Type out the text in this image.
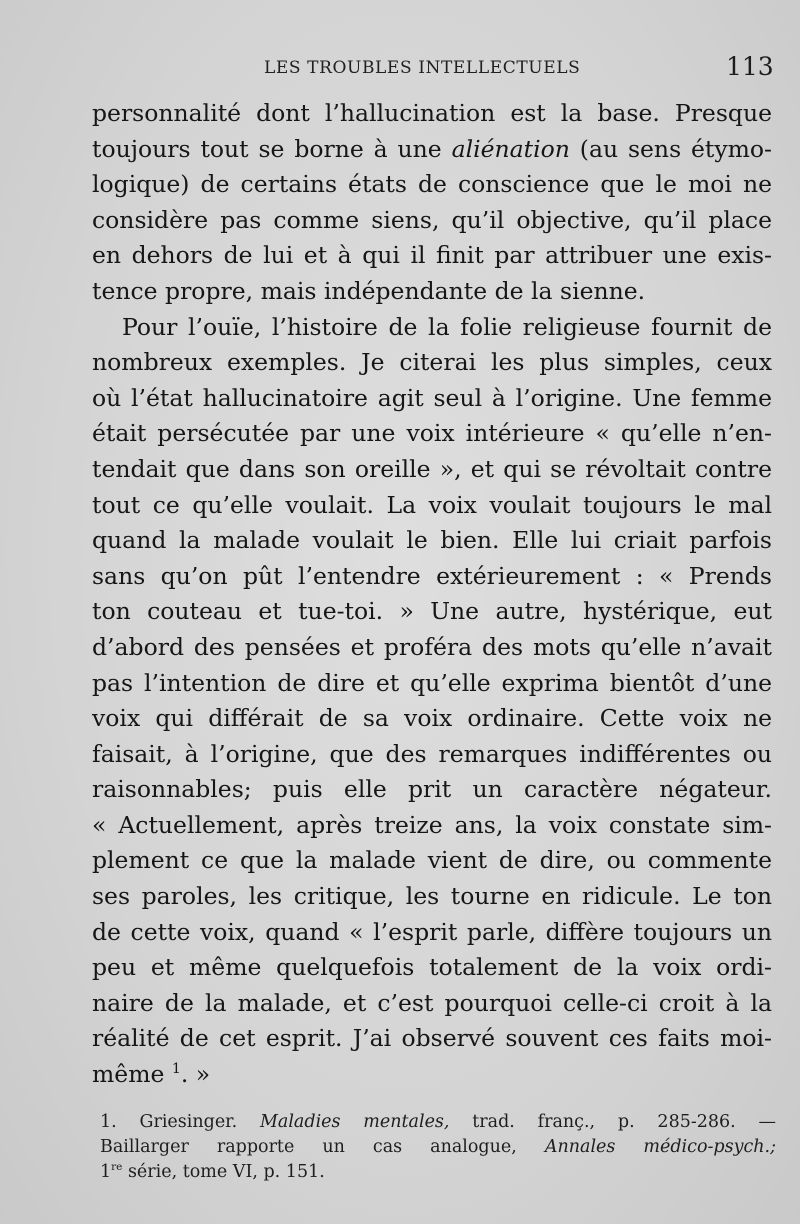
LES TROUBLES INTELLECTUELS	113
personnalité dont l’hallucination est la base. Presque
toujours tout se borne à une aliénation (au sens étymo-
logique) de certains états de conscience que le moi ne
considère pas comme siens, qu’il objective, qu’il place
en dehors de lui et à qui il finit par attribuer une exis-
tence propre, mais indépendante de la sienne.
Pour l’ouïe, l’histoire de la folie religieuse fournit de
nombreux exemples. Je citerai les plus simples, ceux
où l’état hallucinatoire agit seul à l’origine. Une femme
était persécutée par une voix intérieure « qu’elle n’en-
tendait que dans son oreille », et qui se révoltait contre
tout ce qu’elle voulait. La voix voulait toujours le mal
quand la malade voulait le bien. Elle lui criait parfois
sans qu’on pût l’entendre extérieurement : « Prends
ton couteau et tue-toi. » Une autre, hystérique, eut
d’abord des pensées et proféra des mots qu’elle n’avait
pas l’intention de dire et qu’elle exprima bientôt d’une
voix qui différait de sa voix ordinaire. Cette voix ne
faisait, à l’origine, que des remarques indifférentes ou
raisonnables; puis elle prit un caractère négateur.
« Actuellement, après treize ans, la voix constate sim-
plement ce que la malade vient de dire, ou commente
ses paroles, les critique, les tourne en ridicule. Le ton
de cette voix, quand « l’esprit parle, diffère toujours un
peu et même quelquefois totalement de la voix ordi-
naire de la malade, et c’est pourquoi celle-ci croit à la
réalité de cet esprit. J’ai observé souvent ces faits moi-
même $^1$. »
1. Griesinger. Maladies mentales, trad. franç., p. 285-286. —
Baillarger rapporte un cas analogue, Annales médico-psych.;
1re série, tome VI, p. 151.
